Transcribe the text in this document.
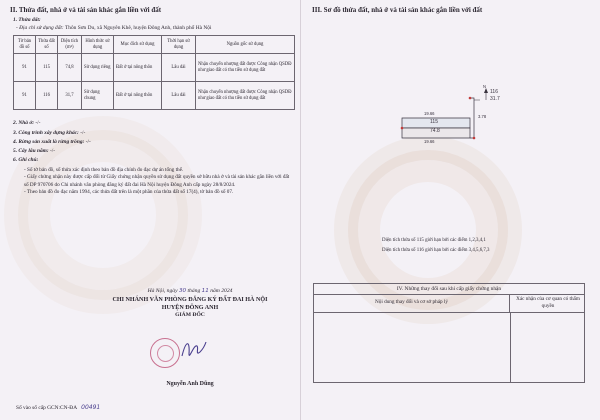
II. Thửa đất, nhà ở và tài sản khác gắn liền với đất
1. Thửa đất:
- Địa chỉ sử dụng đất: Thôn Sơn Du, xã Nguyên Khê, huyện Đông Anh, thành phố Hà Nội
Tờ bản đồ số	Thửa đất số	Diện tích (m²)	Hình thức sử dụng	Mục đích sử dụng	Thời hạn sử dụng	Nguồn gốc sử dụng
91	115	74,8	Sử dụng riêng	Đất ở tại nông thôn	Lâu dài	Nhận chuyển nhượng đất được Công nhận QSDĐ như giao đất có thu tiền sử dụng đất
91	116	31,7	Sử dụng chung	Đất ở tại nông thôn	Lâu dài	Nhận chuyển nhượng đất được Công nhận QSDĐ như giao đất có thu tiền sử dụng đất
2. Nhà ở: -/-
3. Công trình xây dựng khác: -/-
4. Rừng sản xuất là rừng trồng: -/-
5. Cây lâu năm: -/-
6. Ghi chú:
- Số tờ bản đồ, số thửa xác định theo bản đồ địa chính đo đạc dự án tổng thể.
- Giấy chứng nhận này được cấp đổi từ Giấy chứng nhận quyền sử dụng đất quyền sở hữu nhà ở và tài sản khác gắn liền với đất số DP 970706 do Chi nhánh văn phòng đăng ký đất đai Hà Nội huyện Đông Anh cấp ngày 28/8/2024.
- Theo bản đồ đo đạc năm 1994, các thửa đất trên là một phần của thửa đất số 17(4), tờ bản đồ số 07.
Hà Nội, ngày 30 tháng 11 năm 2024
CHI NHÁNH VĂN PHÒNG ĐĂNG KÝ ĐẤT ĐAI HÀ NỘI
HUYỆN ĐÔNG ANH
GIÁM ĐỐC
Nguyễn Anh Dũng
Số vào sổ cấp GCN:CN-ĐA 00491
III. Sơ đồ thửa đất, nhà ở và tài sản khác gắn liền với đất
N
19.66
115
74.8
19.66
3.78
116
31.7
Diện tích thửa số 115 giới hạn bởi các điểm 1,2,3,4,1
Diện tích thửa số 116 giới hạn bởi các điểm 3,4,5,6,7,3
IV. Những thay đổi sau khi cấp giấy chứng nhận
Nội dung thay đổi và cơ sở pháp lý	Xác nhận của cơ quan có thẩm quyền
